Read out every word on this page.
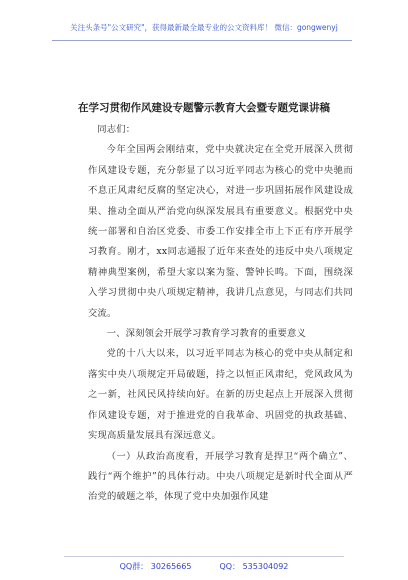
关注头条号"公文研究"，获得最新最全最专业的公文资料库！ 微信：gongwenyj
在学习贯彻作风建设专题警示教育大会暨专题党课讲稿

同志们：

今年全国两会刚结束，党中央就决定在全党开展深入贯彻作风建设专题，充分彰显了以习近平同志为核心的党中央驰而不息正风肃纪反腐的坚定决心，对进一步巩固拓展作风建设成果、推动全面从严治党向纵深发展具有重要意义。根据党中央统一部署和自治区党委、市委工作安排全市上下正有序开展学习教育。刚才，xx同志通报了近年来查处的违反中央八项规定精神典型案例，希望大家以案为鉴、警钟长鸣。下面，围绕深入学习贯彻中央八项规定精神，我讲几点意见，与同志们共同交流。

一、深刻领会开展学习教育学习教育的重要意义

党的十八大以来，以习近平同志为核心的党中央从制定和落实中央八项规定开局破题，持之以恒正风肃纪，党风政风为之一新，社风民风持续向好。在新的历史起点上开展深入贯彻作风建设专题，对于推进党的自我革命、巩固党的执政基础、实现高质量发展具有深远意义。

（一）从政治高度看，开展学习教育是捍卫“两个确立”、践行“两个维护”的具体行动。中央八项规定是新时代全面从严治党的破题之举，体现了党中央加强作风建

QQ群： 30265665	QQ： 535304092
